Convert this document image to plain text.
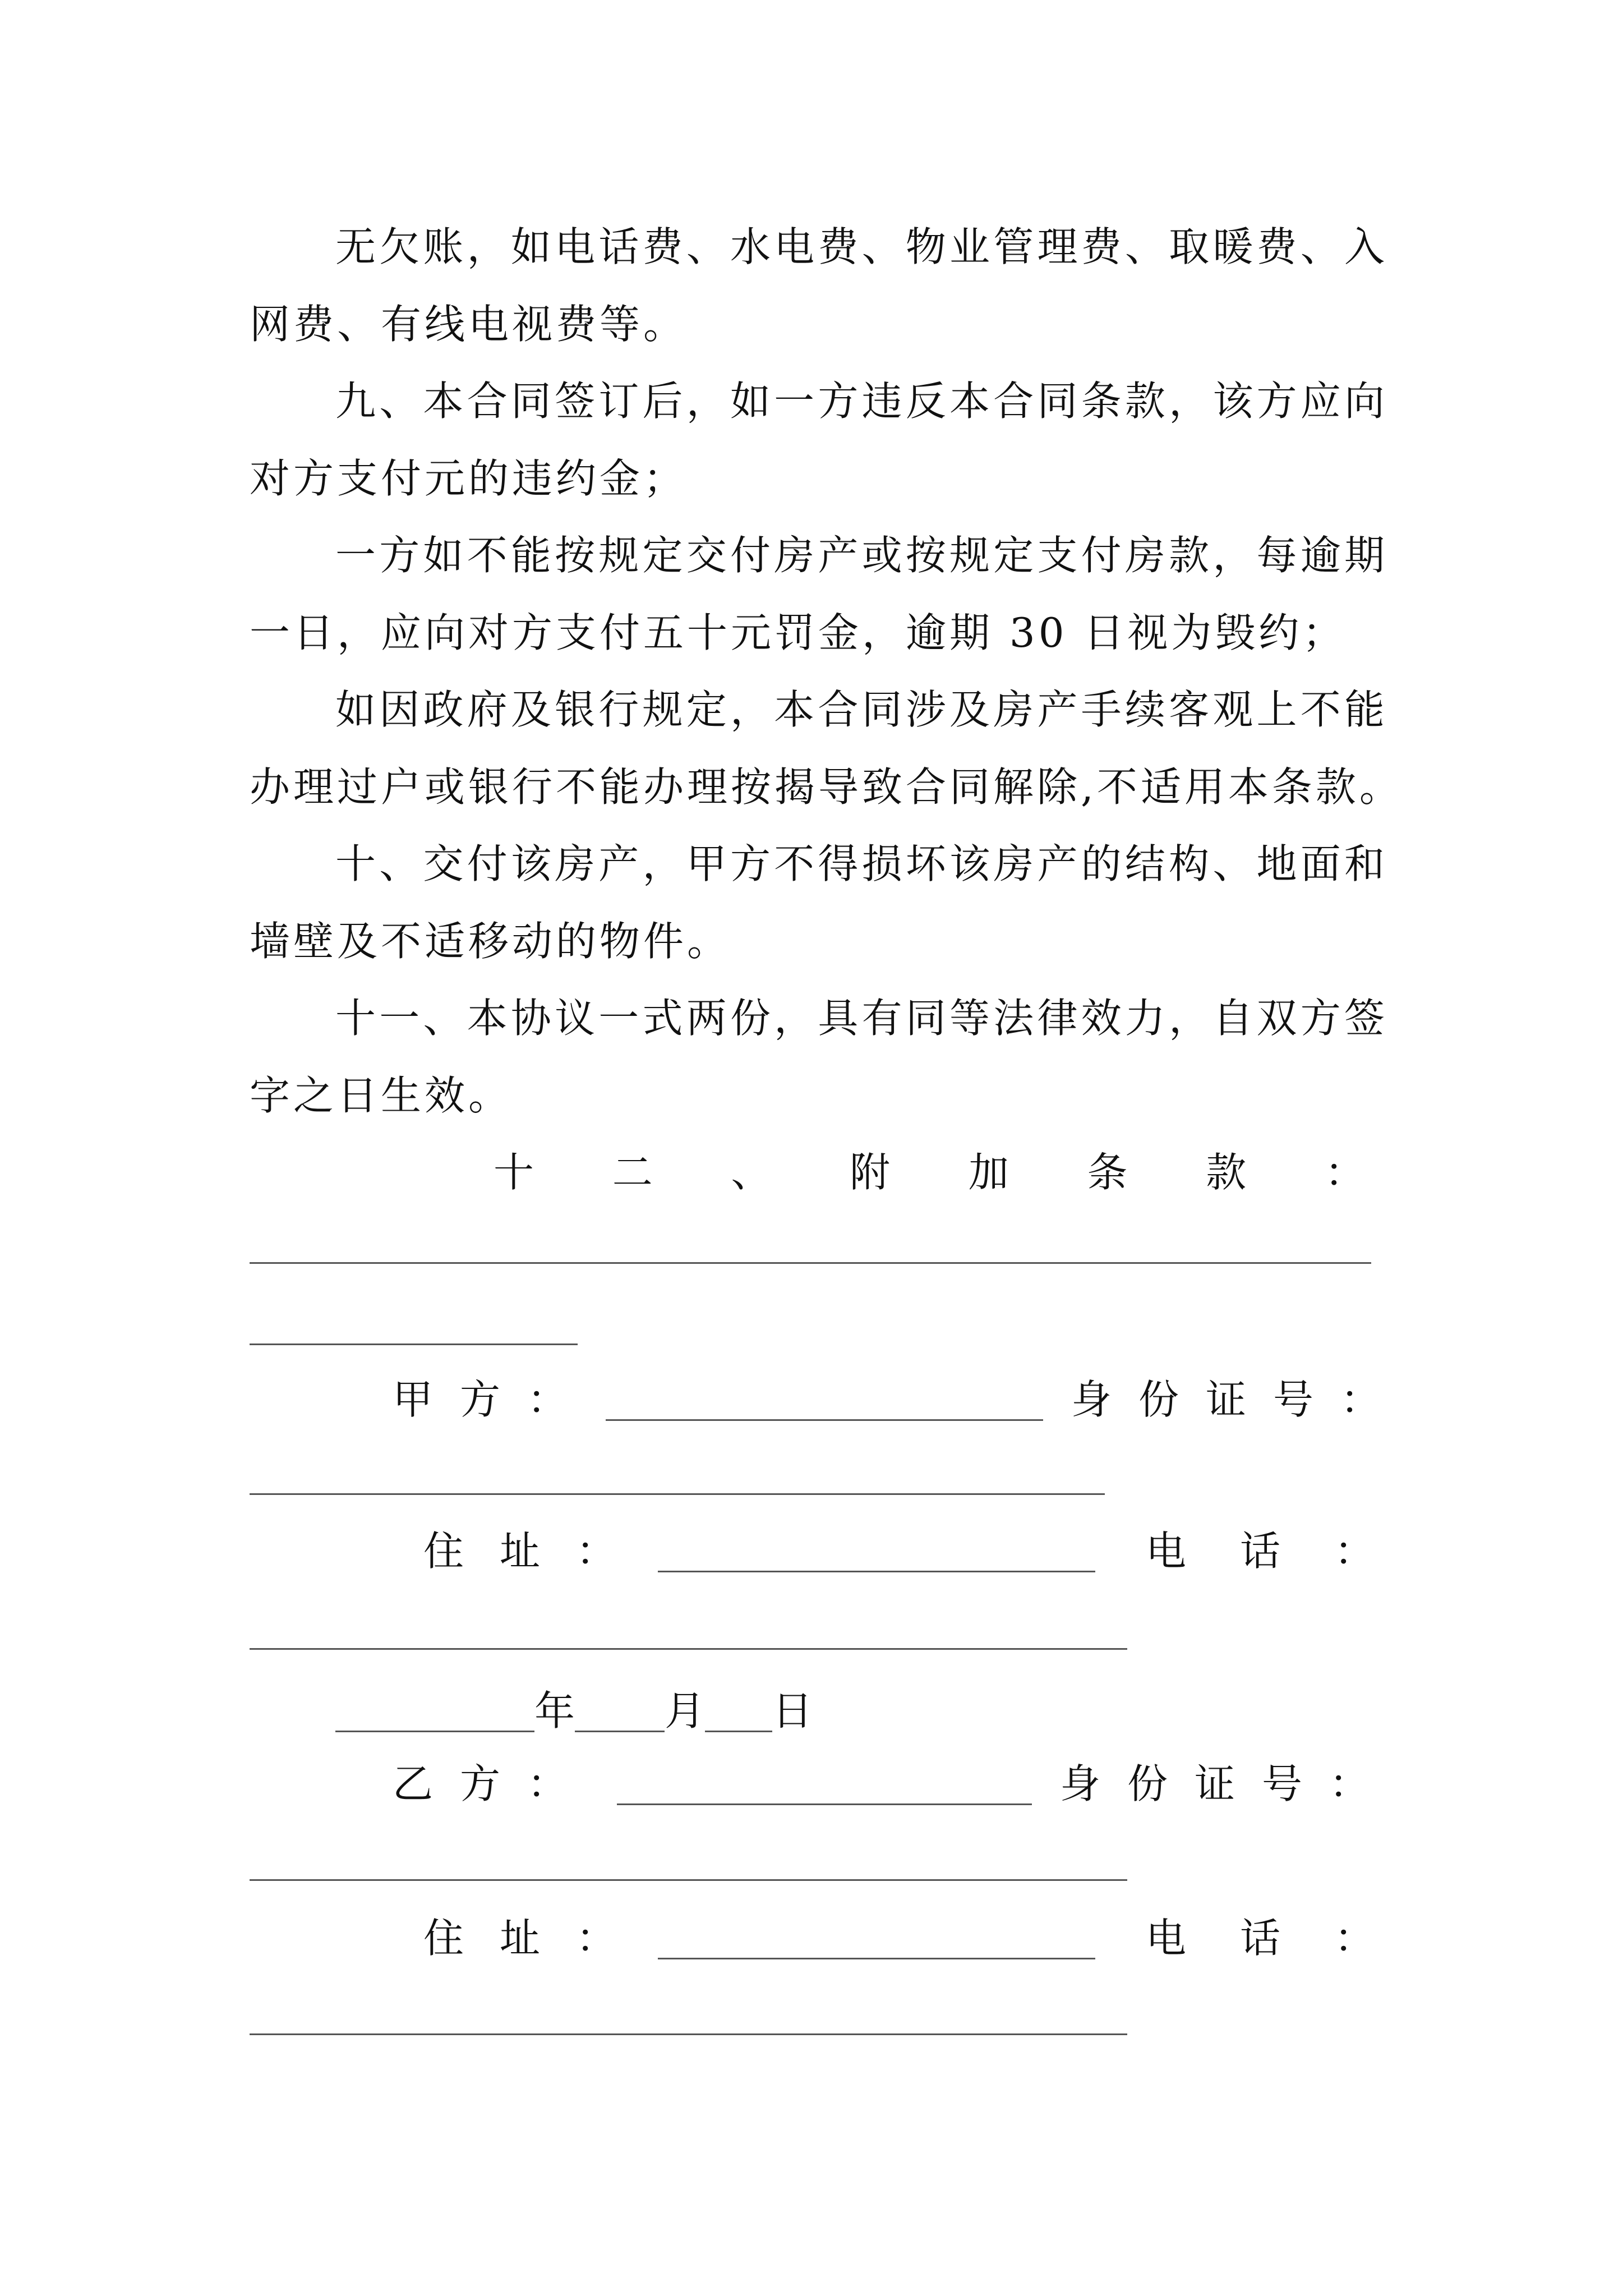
无欠账，如电话费、水电费、物业管理费、取暖费、入
网费、有线电视费等。
九、本合同签订后，如一方违反本合同条款，该方应向
对方支付元的违约金；
一方如不能按规定交付房产或按规定支付房款，每逾期
一日，应向对方支付五十元罚金，逾期 30 日视为毁约；
如因政府及银行规定，本合同涉及房产手续客观上不能
办理过户或银行不能办理按揭导致合同解除,不适用本条款。
十、交付该房产，甲方不得损坏该房产的结构、地面和
墙壁及不适移动的物件。
十一、本协议一式两份，具有同等法律效力，自双方签
字之日生效。
十二、附加条款：
甲方：	身份证号：
住址：	电话：
年 月 日
乙方：	身份证号：
住址：	电话：
